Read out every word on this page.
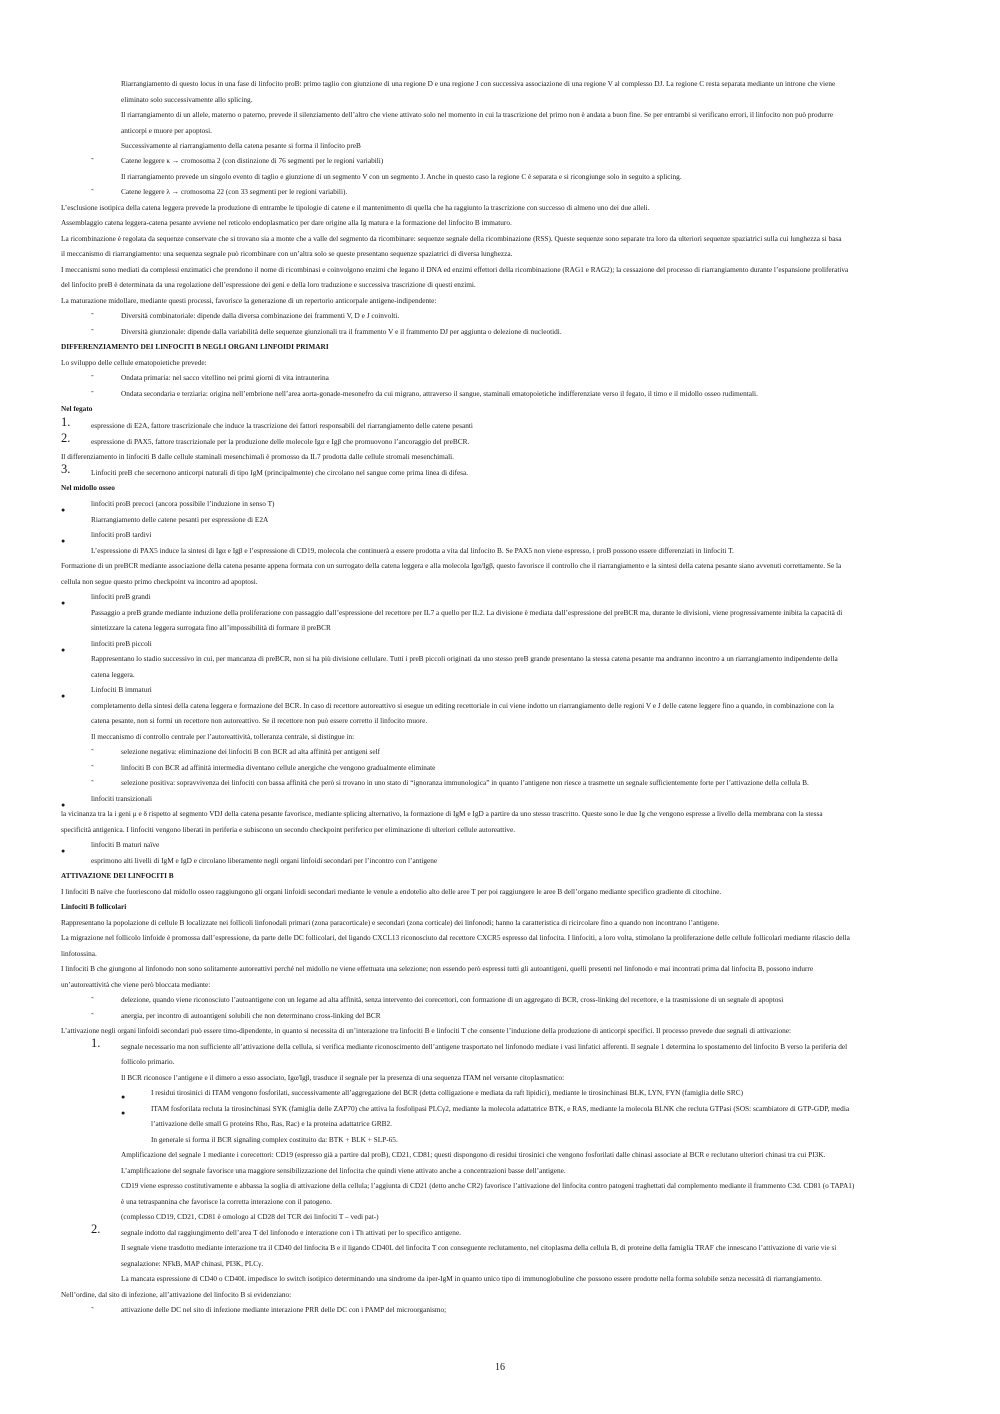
Riarrangiamento di questo locus in una fase di linfocito proB: primo taglio con giunzione di una regione D e una regione J con successiva associazione di una regione V al complesso DJ. La regione C resta separata mediante un introne che viene
eliminato solo successivamente allo splicing.
Il riarrangiamento di un allele, materno o paterno, prevede il silenziamento dell’altro che viene attivato solo nel momento in cui la trascrizione del primo non è andata a buon fine. Se per entrambi si verificano errori, il linfocito non può produrre
anticorpi e muore per apoptosi.
Successivamente al riarrangiamento della catena pesante si forma il linfocito preB
Catene leggere κ → cromosoma 2 (con distinzione di 76 segmenti per le regioni variabili)
-
Il riarrangiamento prevede un singolo evento di taglio e giunzione di un segmento V con un segmento J. Anche in questo caso la regione C è separata e si ricongiunge solo in seguito a splicing.
Catene leggere λ → cromosoma 22 (con 33 segmenti per le regioni variabili).
-
L’esclusione isotipica della catena leggera prevede la produzione di entrambe le tipologie di catene e il mantenimento di quella che ha raggiunto la trascrizione con successo di almeno uno dei due alleli.
Assemblaggio catena leggera-catena pesante avviene nel reticolo endoplasmatico per dare origine alla Ig matura e la formazione del linfocito B immaturo.
La ricombinazione è regolata da sequenze conservate che si trovano sia a monte che a valle del segmento da ricombinare: sequenze segnale della ricombinazione (RSS). Queste sequenze sono separate tra loro da ulteriori sequenze spaziatrici sulla cui lunghezza si basa
il meccanismo di riarrangiamento: una sequenza segnale può ricombinare con un’altra solo se queste presentano sequenze spaziatrici di diversa lunghezza.
I meccanismi sono mediati da complessi enzimatici che prendono il nome di ricombinasi e coinvolgono enzimi che legano il DNA ed enzimi effettori della ricombinazione (RAG1 e RAG2); la cessazione del processo di riarrangiamento durante l’espansione proliferativa
del linfocito preB è determinata da una regolazione dell’espressione dei geni e della loro traduzione e successiva trascrizione di questi enzimi.
La maturazione midollare, mediante questi processi, favorisce la generazione di un repertorio anticorpale antigene-indipendente:
Diversità combinatoriale: dipende dalla diversa combinazione dei frammenti V, D e J coinvolti.
-
Diversità giunzionale: dipende dalla variabilità delle sequenze giunzionali tra il frammento V e il frammento DJ per aggiunta o delezione di nucleotidi.
-
DIFFERENZIAMENTO DEI LINFOCITI B NEGLI ORGANI LINFOIDI PRIMARI
Lo sviluppo delle cellule ematopoietiche prevede:
Ondata primaria: nel sacco vitellino nei primi giorni di vita intrauterina
-
Ondata secondaria e terziaria: origina nell’embrione nell’area aorta-gonade-mesonefro da cui migrano, attraverso il sangue, staminali ematopoietiche indifferenziate verso il fegato, il timo e il midollo osseo rudimentali.
-
Nel fegato
espressione di E2A, fattore trascrizionale che induce la trascrizione dei fattori responsabili del riarrangiamento delle catene pesanti
1.
espressione di PAX5, fattore trascrizionale per la produzione delle molecole Igα e Igβ che promuovono l’ancoraggio del preBCR.
2.
Il differenziamento in linfociti B dalle cellule staminali mesenchimali è promosso da IL7 prodotta dalle cellule stromali mesenchimali.
Linfociti preB che secernono anticorpi naturali di tipo IgM (principalmente) che circolano nel sangue come prima linea di difesa.
3.
Nel midollo osseo
linfociti proB precoci (ancora possibile l’induzione in senso T)
●
Riarrangiamento delle catene pesanti per espressione di E2A
linfociti proB tardivi
●
L’espressione di PAX5 induce la sintesi di Igα e Igβ e l’espressione di CD19, molecola che continuerà a essere prodotta a vita dal linfocito B. Se PAX5 non viene espresso, i proB possono essere differenziati in linfociti T.
Formazione di un preBCR mediante associazione della catena pesante appena formata con un surrogato della catena leggera e alla molecola Igα/Igβ, questo favorisce il controllo che il riarrangiamento e la sintesi della catena pesante siano avvenuti correttamente. Se la
cellula non segue questo primo checkpoint va incontro ad apoptosi.
linfociti preB grandi
●
Passaggio a preB grande mediante induzione della proliferazione con passaggio dall’espressione del recettore per IL7 a quello per IL2. La divisione è mediata dall’espressione del preBCR ma, durante le divisioni, viene progressivamente inibita la capacità di
sintetizzare la catena leggera surrogata fino all’impossibilità di formare il preBCR
linfociti preB piccoli
●
Rappresentano lo stadio successivo in cui, per mancanza di preBCR, non si ha più divisione cellulare. Tutti i preB piccoli originati da uno stesso preB grande presentano la stessa catena pesante ma andranno incontro a un riarrangiamento indipendente della
catena leggera.
Linfociti B immaturi
●
completamento della sintesi della catena leggera e formazione del BCR. In caso di recettore autoreattivo si esegue un editing recettoriale in cui viene indotto un riarrangiamento delle regioni V e J delle catene leggere fino a quando, in combinazione con la
catena pesante, non si formi un recettore non autoreattivo. Se il recettore non può essere corretto il linfocito muore.
Il meccanismo di controllo centrale per l’autoreattività, tolleranza centrale, si distingue in:
selezione negativa: eliminazione dei linfociti B con BCR ad alta affinità per antigeni self
-
linfociti B con BCR ad affinità intermedia diventano cellule anergiche che vengono gradualmente eliminate
-
selezione positiva: sopravvivenza dei linfociti con bassa affinità che però si trovano in uno stato di “ignoranza immunologica” in quanto l’antigene non riesce a trasmette un segnale sufficientemente forte per l’attivazione della cellula B.
-
linfociti transizionali
●
la vicinanza tra la i geni μ e δ rispetto al segmento VDJ della catena pesante favorisce, mediante splicing alternativo, la formazione di IgM e IgD a partire da uno stesso trascritto. Queste sono le due Ig che vengono espresse a livello della membrana con la stessa
specificità antigenica. I linfociti vengono liberati in periferia e subiscono un secondo checkpoint periferico per eliminazione di ulteriori cellule autoreattive.
linfociti B maturi naïve
●
esprimono alti livelli di IgM e IgD e circolano liberamente negli organi linfoidi secondari per l’incontro con l’antigene
ATTIVAZIONE DEI LINFOCITI B
I linfociti B naïve che fuoriescono dal midollo osseo raggiungono gli organi linfoidi secondari mediante le venule a endotelio alto delle aree T per poi raggiungere le aree B dell’organo mediante specifico gradiente di citochine.
Linfociti B follicolari
Rappresentano la popolazione di cellule B localizzate nei follicoli linfonodali primari (zona paracorticale) e secondari (zona corticale) dei linfonodi; hanno la caratteristica di ricircolare fino a quando non incontrano l’antigene.
La migrazione nel follicolo linfoide è promossa dall’espressione, da parte delle DC follicolari, del ligando CXCL13 riconosciuto dal recettore CXCR5 espresso dal linfocita. I linfociti, a loro volta, stimolano la proliferazione delle cellule follicolari mediante rilascio della
linfotossina.
I linfociti B che giungono al linfonodo non sono solitamente autoreattivi perché nel midollo ne viene effettuata una selezione; non essendo però espressi tutti gli autoantigeni, quelli presenti nel linfonodo e mai incontrati prima dal linfocita B, possono indurre
un’autoreattività che viene però bloccata mediante:
delezione, quando viene riconosciuto l’autoantigene con un legame ad alta affinità, senza intervento dei corecettori, con formazione di un aggregato di BCR, cross-linking del recettore, e la trasmissione di un segnale di apoptosi
-
anergia, per incontro di autoantigeni solubili che non determinano cross-linking del BCR
-
L’attivazione negli organi linfoidi secondari può essere timo-dipendente, in quanto si necessita di un’interazione tra linfociti B e linfociti T che consente l’induzione della produzione di anticorpi specifici. Il processo prevede due segnali di attivazione:
segnale necessario ma non sufficiente all’attivazione della cellula, si verifica mediante riconoscimento dell’antigene trasportato nel linfonodo mediate i vasi linfatici afferenti. Il segnale 1 determina lo spostamento del linfocito B verso la periferia del
1.
follicolo primario.
Il BCR riconosce l’antigene e il dimero a esso associato, Igα/Igβ, trasduce il segnale per la presenza di una sequenza ITAM nel versante citoplasmatico:
I residui tirosinici di ITAM vengono fosforilati, successivamente all’aggregazione del BCR (detta colligazione e mediata da raft lipidici), mediante le tirosinchinasi BLK, LYN, FYN (famiglia delle SRC)
●
ITAM fosforilata recluta la tirosinchinasi SYK (famiglia delle ZAP70) che attiva la fosfolipasi PLCγ2, mediante la molecola adattatrice BTK, e RAS, mediante la molecola BLNK che recluta GTPasi (SOS: scambiatore di GTP-GDP, media
●
l’attivazione delle small G proteins Rho, Ras, Rac) e la proteina adattatrice GRB2.
In generale si forma il BCR signaling complex costituito da: BTK + BLK + SLP-65.
Amplificazione del segnale 1 mediante i corecettori: CD19 (espresso già a partire dal proB), CD21, CD81; questi dispongono di residui tirosinici che vengono fosforilati dalle chinasi associate al BCR e reclutano ulteriori chinasi tra cui PI3K.
L’amplificazione del segnale favorisce una maggiore sensibilizzazione del linfocita che quindi viene attivato anche a concentrazioni basse dell’antigene.
CD19 viene espresso costitutivamente e abbassa la soglia di attivazione della cellula; l’aggiunta di CD21 (detto anche CR2) favorisce l’attivazione del linfocita contro patogeni traghettati dal complemento mediante il frammento C3d. CD81 (o TAPA1)
è una tetraspannina che favorisce la corretta interazione con il patogeno.
(complesso CD19, CD21, CD81 è omologo al CD28 del TCR dei linfociti T – vedi pat-)
segnale indotto dal raggiungimento dell’area T del linfonodo e interazione con i Th attivati per lo specifico antigene.
2.
Il segnale viene trasdotto mediante interazione tra il CD40 del linfocita B e il ligando CD40L del linfocita T con conseguente reclutamento, nel citoplasma della cellula B, di proteine della famiglia TRAF che innescano l’attivazione di varie vie si
segnalazione: NFkB, MAP chinasi, PI3K, PLCγ.
La mancata espressione di CD40 o CD40L impedisce lo switch isotipico determinando una sindrome da iper-IgM in quanto unico tipo di immunoglobuline che possono essere prodotte nella forma solubile senza necessità di riarrangiamento.
Nell’ordine, dal sito di infezione, all’attivazione del linfocito B si evidenziano:
attivazione delle DC nel sito di infezione mediante interazione PRR delle DC con i PAMP del microorganismo;
-
16
